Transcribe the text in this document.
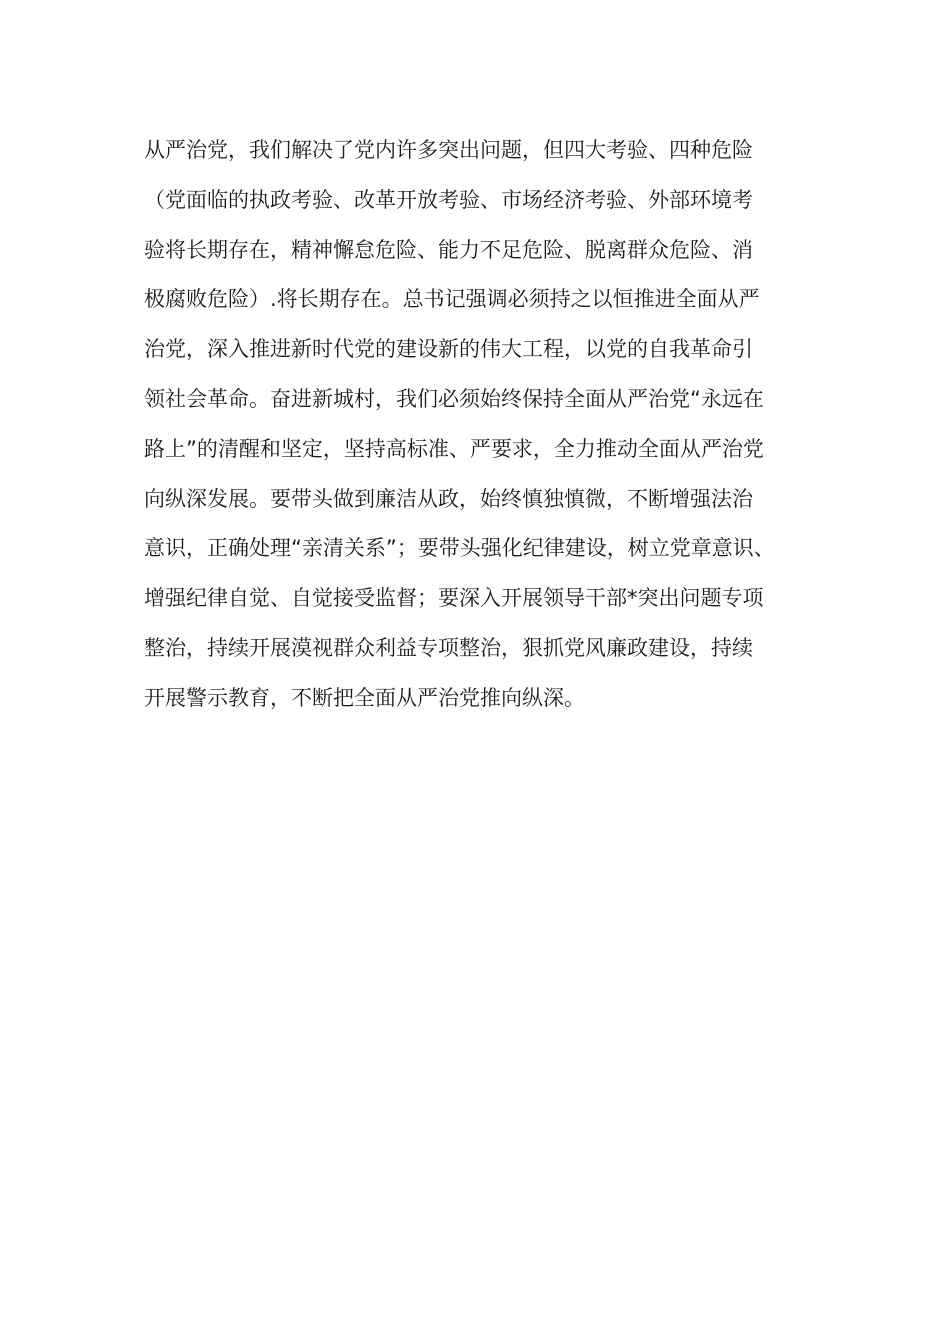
从严治党，我们解决了党内许多突出问题，但四大考验、四种危险
（党面临的执政考验、改革开放考验、市场经济考验、外部环境考
验将长期存在，精神懈怠危险、能力不足危险、脱离群众危险、消
极腐败危险）.将长期存在。总书记强调必须持之以恒推进全面从严
治党，深入推进新时代党的建设新的伟大工程，以党的自我革命引
领社会革命。奋进新城村，我们必须始终保持全面从严治党“永远在
路上”的清醒和坚定，坚持高标准、严要求，全力推动全面从严治党
向纵深发展。要带头做到廉洁从政，始终慎独慎微，不断增强法治
意识，正确处理“亲清关系”；要带头强化纪律建设，树立党章意识、
增强纪律自觉、自觉接受监督；要深入开展领导干部*突出问题专项
整治，持续开展漠视群众利益专项整治，狠抓党风廉政建设，持续
开展警示教育，不断把全面从严治党推向纵深。
